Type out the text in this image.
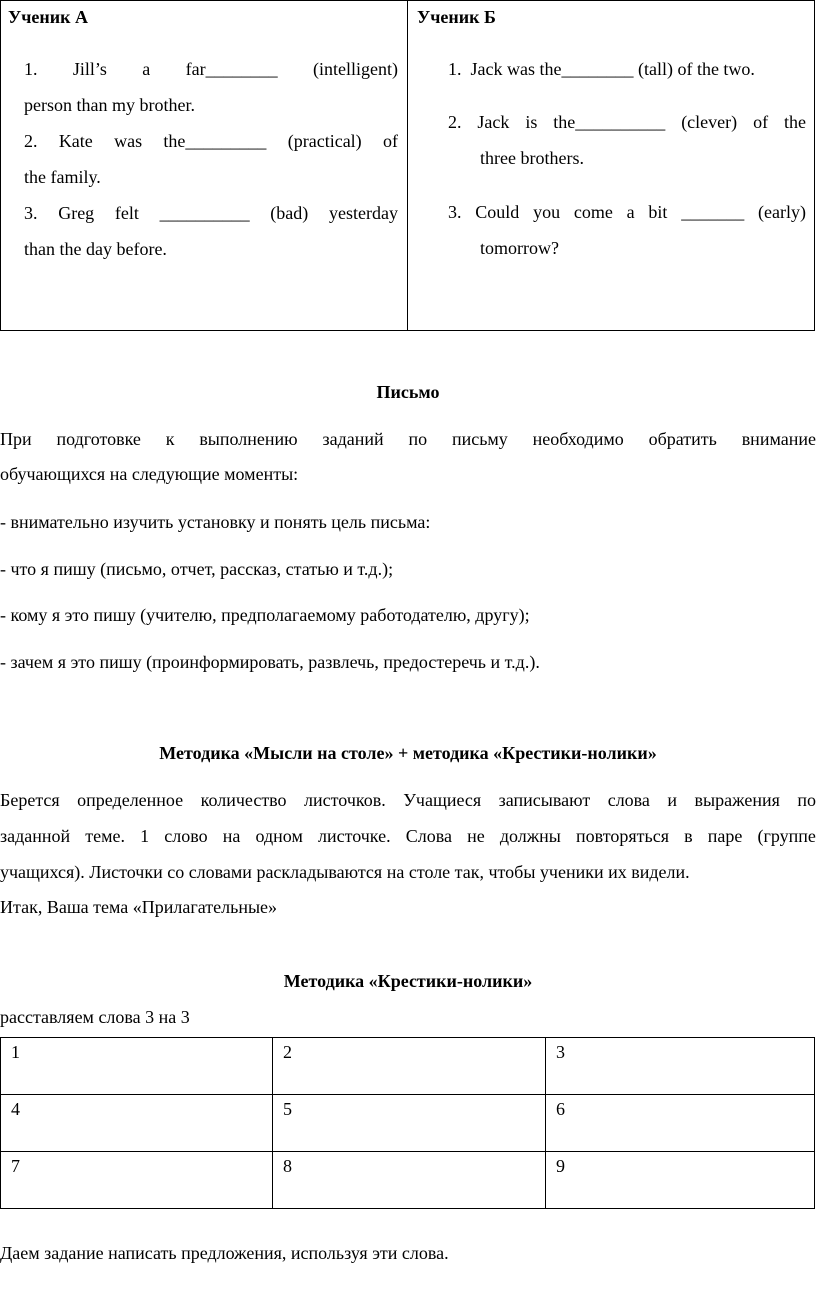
Ученик А
1. Jill’s a far________ (intelligent)
person than my brother.
2. Kate was the_________ (practical) of
the family.
3. Greg felt __________ (bad) yesterday
than the day before.

Ученик Б
1. Jack was the________ (tall) of the two.
2. Jack is the__________ (clever) of the
three brothers.
3. Could you come a bit _______ (early)
tomorrow?
Письмо
При подготовке к выполнению заданий по письму необходимо обратить внимание
обучающихся на следующие моменты:
- внимательно изучить установку и понять цель письма:
- что я пишу (письмо, отчет, рассказ, статью и т.д.);
- кому я это пишу (учителю, предполагаемому работодателю, другу);
- зачем я это пишу (проинформировать, развлечь, предостеречь и т.д.).
Методика «Мысли на столе» + методика «Крестики-нолики»
Берется определенное количество листочков. Учащиеся записывают слова и выражения по
заданной теме. 1 слово на одном листочке. Слова не должны повторяться в паре (группе
учащихся). Листочки со словами раскладываются на столе так, чтобы ученики их видели.
Итак, Ваша тема «Прилагательные»
Методика «Крестики-нолики»
расставляем слова 3 на 3
1	2	3
4	5	6
7	8	9
Даем задание написать предложения, используя эти слова.
